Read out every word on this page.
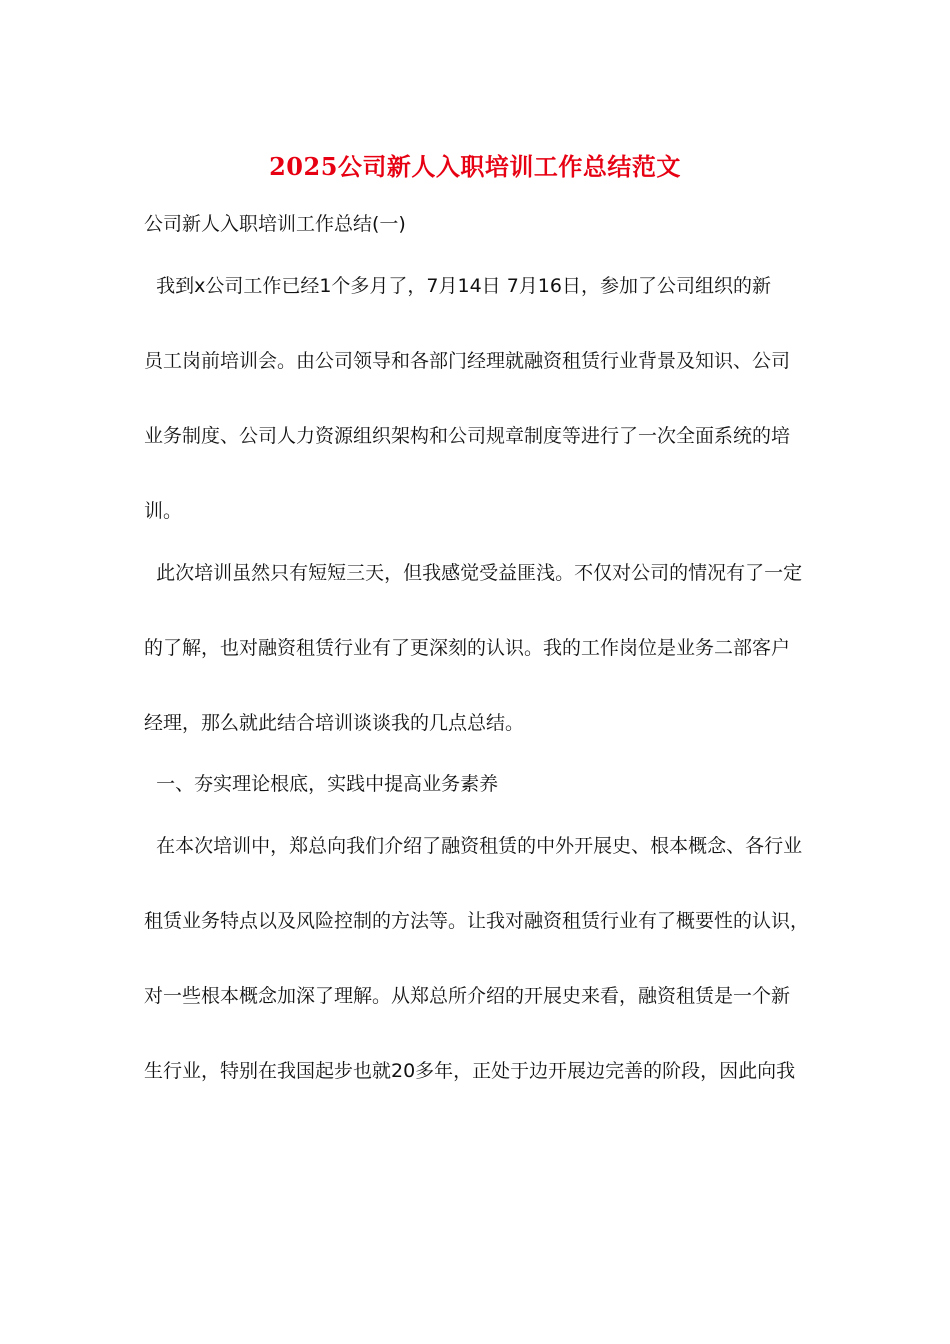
2025公司新人入职培训工作总结范文
公司新人入职培训工作总结(一)
我到x公司工作已经1个多月了，7月14日 7月16日，参加了公司组织的新
员工岗前培训会。由公司领导和各部门经理就融资租赁行业背景及知识、公司
业务制度、公司人力资源组织架构和公司规章制度等进行了一次全面系统的培
训。
此次培训虽然只有短短三天，但我感觉受益匪浅。不仅对公司的情况有了一定
的了解，也对融资租赁行业有了更深刻的认识。我的工作岗位是业务二部客户
经理，那么就此结合培训谈谈我的几点总结。
一、夯实理论根底，实践中提高业务素养
在本次培训中，郑总向我们介绍了融资租赁的中外开展史、根本概念、各行业
租赁业务特点以及风险控制的方法等。让我对融资租赁行业有了概要性的认识，
对一些根本概念加深了理解。从郑总所介绍的开展史来看，融资租赁是一个新
生行业，特别在我国起步也就20多年，正处于边开展边完善的阶段，因此向我
